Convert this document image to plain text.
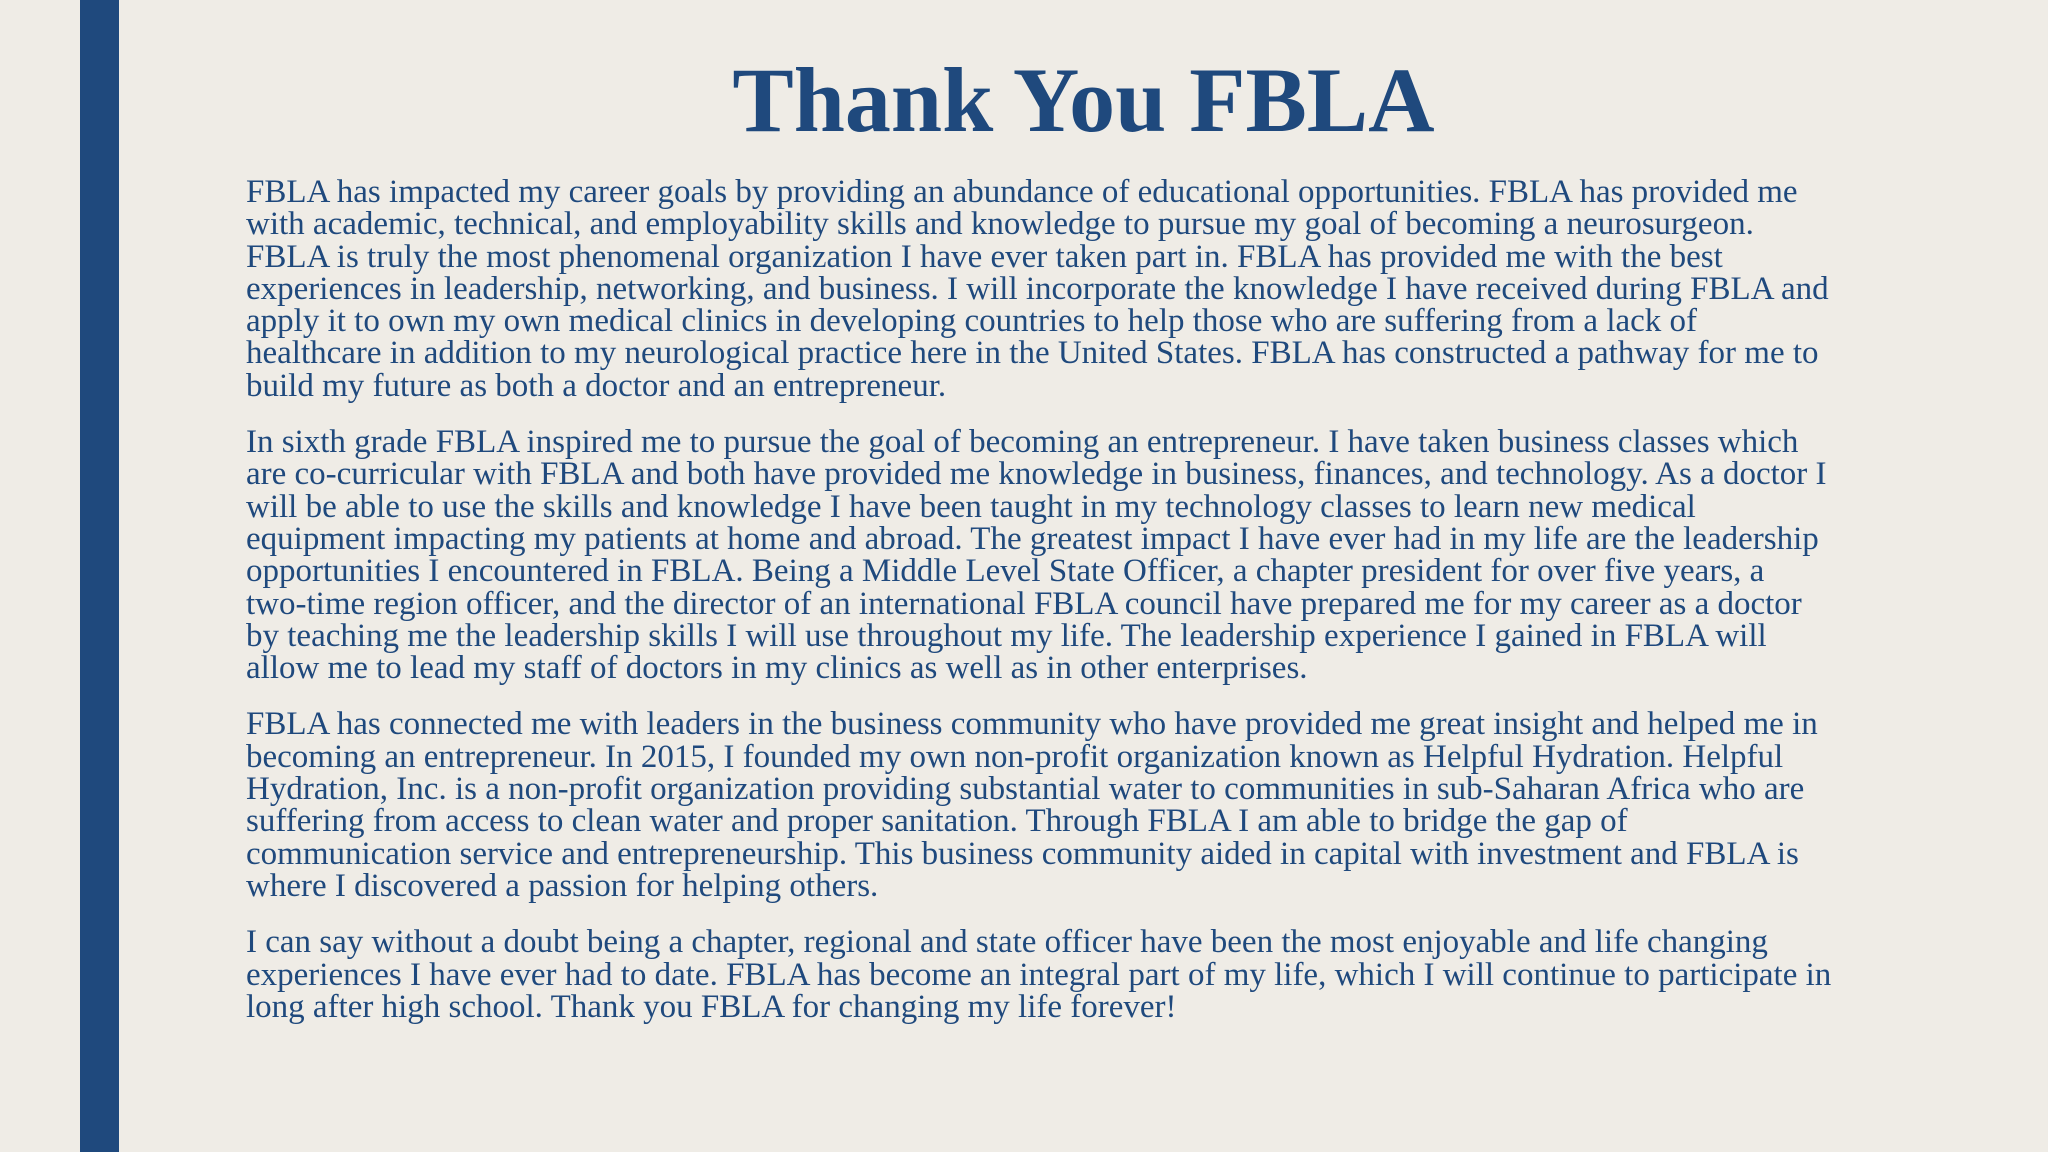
Thank You FBLA

FBLA has impacted my career goals by providing an abundance of educational opportunities. FBLA has provided me with academic, technical, and employability skills and knowledge to pursue my goal of becoming a neurosurgeon. FBLA is truly the most phenomenal organization I have ever taken part in. FBLA has provided me with the best experiences in leadership, networking, and business. I will incorporate the knowledge I have received during FBLA and apply it to own my own medical clinics in developing countries to help those who are suffering from a lack of healthcare in addition to my neurological practice here in the United States. FBLA has constructed a pathway for me to build my future as both a doctor and an entrepreneur.

In sixth grade FBLA inspired me to pursue the goal of becoming an entrepreneur. I have taken business classes which are co-curricular with FBLA and both have provided me knowledge in business, finances, and technology. As a doctor I will be able to use the skills and knowledge I have been taught in my technology classes to learn new medical equipment impacting my patients at home and abroad. The greatest impact I have ever had in my life are the leadership opportunities I encountered in FBLA. Being a Middle Level State Officer, a chapter president for over five years, a two-time region officer, and the director of an international FBLA council have prepared me for my career as a doctor by teaching me the leadership skills I will use throughout my life. The leadership experience I gained in FBLA will allow me to lead my staff of doctors in my clinics as well as in other enterprises.

FBLA has connected me with leaders in the business community who have provided me great insight and helped me in becoming an entrepreneur. In 2015, I founded my own non-profit organization known as Helpful Hydration. Helpful Hydration, Inc. is a non-profit organization providing substantial water to communities in sub-Saharan Africa who are suffering from access to clean water and proper sanitation. Through FBLA I am able to bridge the gap of communication service and entrepreneurship. This business community aided in capital with investment and FBLA is where I discovered a passion for helping others.

I can say without a doubt being a chapter, regional and state officer have been the most enjoyable and life changing experiences I have ever had to date. FBLA has become an integral part of my life, which I will continue to participate in long after high school. Thank you FBLA for changing my life forever!
